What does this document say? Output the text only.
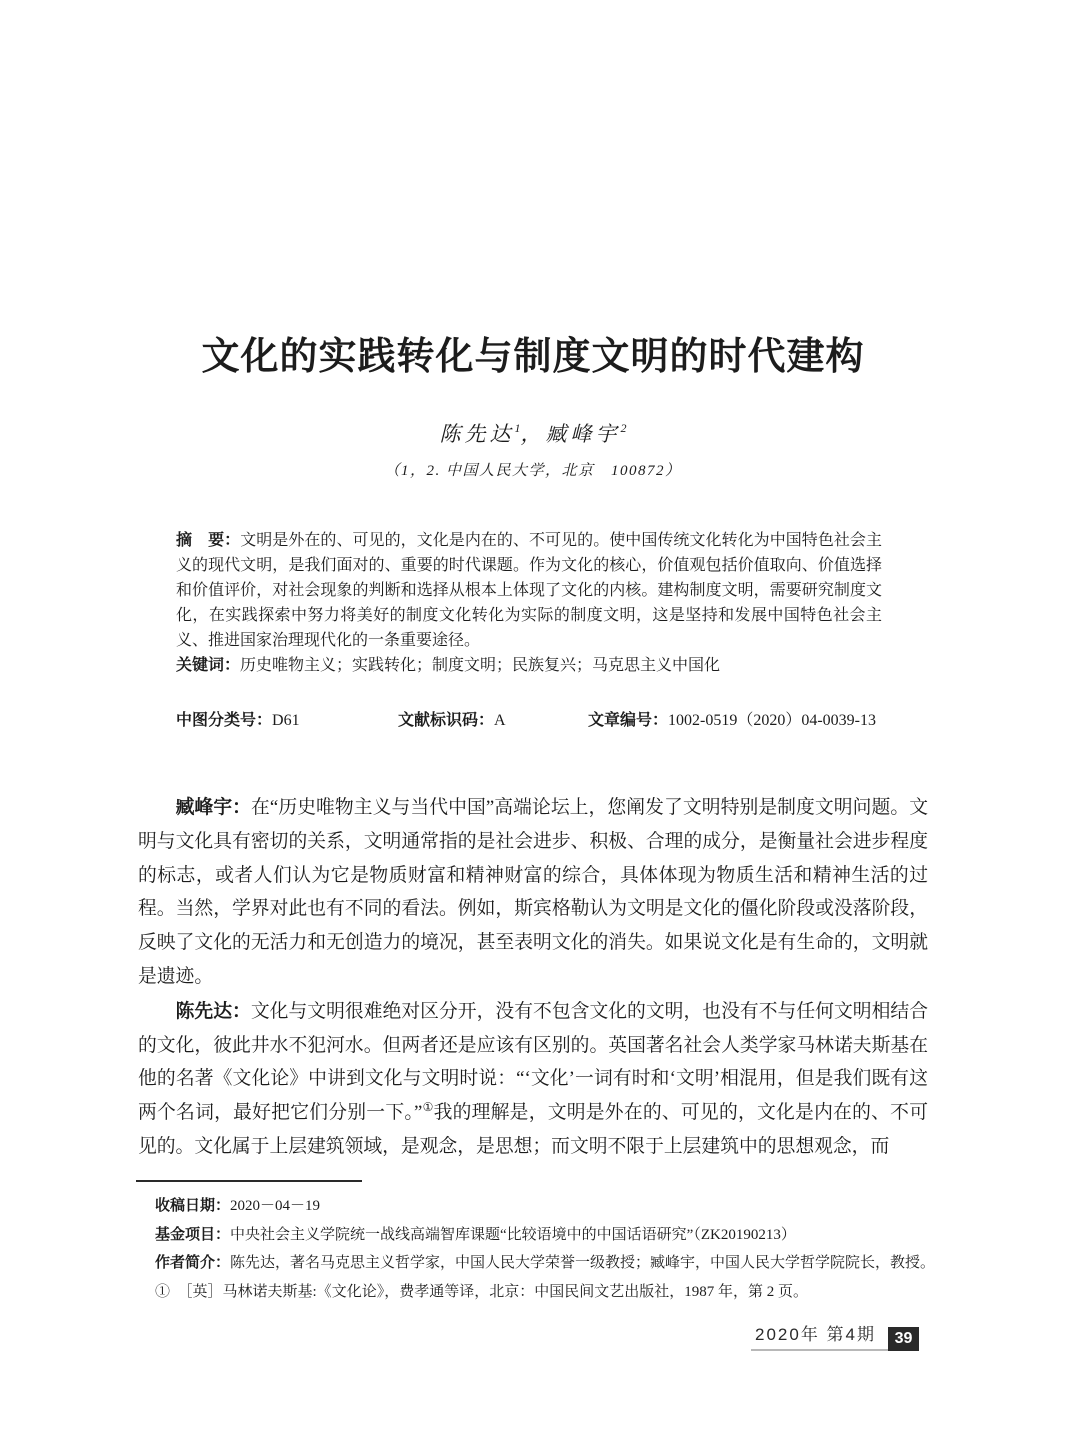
文化的实践转化与制度文明的时代建构
陈先达$^1$，臧峰宇$^2$
（1，2. 中国人民大学，北京　100872）

摘　要：文明是外在的、可见的，文化是内在的、不可见的。使中国传统文化转化为中国特色社会主义的现代文明，是我们面对的、重要的时代课题。作为文化的核心，价值观包括价值取向、价值选择和价值评价，对社会现象的判断和选择从根本上体现了文化的内核。建构制度文明，需要研究制度文化，在实践探索中努力将美好的制度文化转化为实际的制度文明，这是坚持和发展中国特色社会主义、推进国家治理现代化的一条重要途径。

关键词：历史唯物主义；实践转化；制度文明；民族复兴；马克思主义中国化

中图分类号：D61	文献标识码：A	文章编号：1002-0519（2020）04-0039-13

臧峰宇：在“历史唯物主义与当代中国”高端论坛上，您阐发了文明特别是制度文明问题。文明与文化具有密切的关系，文明通常指的是社会进步、积极、合理的成分，是衡量社会进步程度的标志，或者人们认为它是物质财富和精神财富的综合，具体体现为物质生活和精神生活的过程。当然，学界对此也有不同的看法。例如，斯宾格勒认为文明是文化的僵化阶段或没落阶段，反映了文化的无活力和无创造力的境况，甚至表明文化的消失。如果说文化是有生命的，文明就是遗迹。

陈先达：文化与文明很难绝对区分开，没有不包含文化的文明，也没有不与任何文明相结合的文化，彼此井水不犯河水。但两者还是应该有区别的。英国著名社会人类学家马林诺夫斯基在他的名著《文化论》中讲到文化与文明时说：“‘文化’一词有时和‘文明’相混用，但是我们既有这两个名词，最好把它们分别一下。”①我的理解是，文明是外在的、可见的，文化是内在的、不可见的。文化属于上层建筑领域，是观念，是思想；而文明不限于上层建筑中的思想观念，而

收稿日期：2020－04－19

基金项目：中央社会主义学院统一战线高端智库课题“比较语境中的中国话语研究”（ZK20190213）

作者简介：陈先达，著名马克思主义哲学家，中国人民大学荣誉一级教授；臧峰宇，中国人民大学哲学院院长，教授。

①　 ［英］马林诺夫斯基:《文化论》，费孝通等译，北京：中国民间文艺出版社，1987 年，第 2 页。

2020年 第4期	39
